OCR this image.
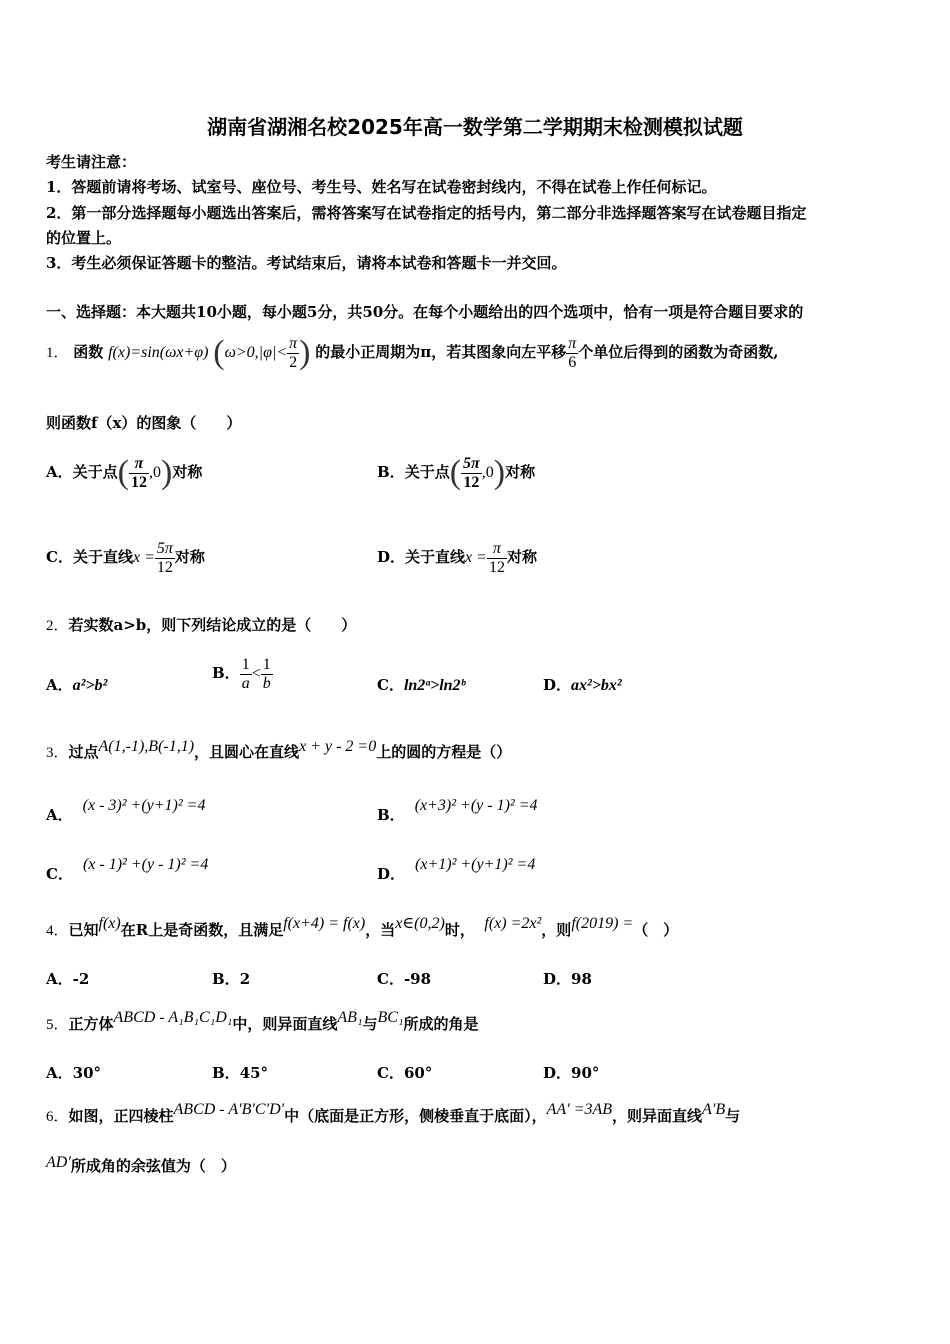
湖南省湖湘名校2025年高一数学第二学期期末检测模拟试题
考生请注意：
1．答题前请将考场、试室号、座位号、考生号、姓名写在试卷密封线内，不得在试卷上作任何标记。
2．第一部分选择题每小题选出答案后，需将答案写在试卷指定的括号内，第二部分非选择题答案写在试卷题目指定
的位置上。
3．考生必须保证答题卡的整洁。考试结束后，请将本试卷和答题卡一并交回。
一、选择题：本大题共10小题，每小题5分，共50分。在每个小题给出的四个选项中，恰有一项是符合题目要求的
1． 函数 f(x)=sin(ωx+φ) ($\omega>0,|\varphi|< \frac{\pi}{2}$ ) 的最小正周期为π，若其图象向左平移 $\frac{\pi}{6}$ 个单位后得到的函数为奇函数,
则函数f（x）的图象（　　）
A．关于点( $\frac{\pi}{12} ,0$)对称	B．关于点( $\frac{5\pi}{12} ,0$)对称
C．关于直线$x = \frac{5\pi}{12}$ 对称	D．关于直线$x = \frac{\pi}{12}$ 对称
2．若实数a>b，则下列结论成立的是（　　）
A．a²>b²
B． $\frac{1}{a} < \frac{1}{b}$	C．ln2ᵃ>ln2ᵇ	D．ax²>bx²
3．过点A(1,-1),B(-1,1)，且圆心在直线x + y - 2 =0上的圆的方程是（）
A．(x - 3)² +(y+1)² =4
B．(x+3)² +(y - 1)² =4
C．(x - 1)² +(y - 1)² =4
D．(x+1)² +(y+1)² =4
4．已知f(x)在R上是奇函数，且满足f(x+4) = f(x)，当x∈(0,2)时， f(x) =2x²，则f(2019) =（　）
A．-2	B．2	C．-98	D．98
5．正方体ABCD - A₁B₁C₁D₁中，则异面直线AB₁与BC₁所成的角是
A．30°	B．45°	C．60°	D．90°
6．如图，正四棱柱ABCD - A′B′C′D′中（底面是正方形，侧棱垂直于底面），AA′ =3AB，则异面直线A′B与
AD′所成角的余弦值为（　）
